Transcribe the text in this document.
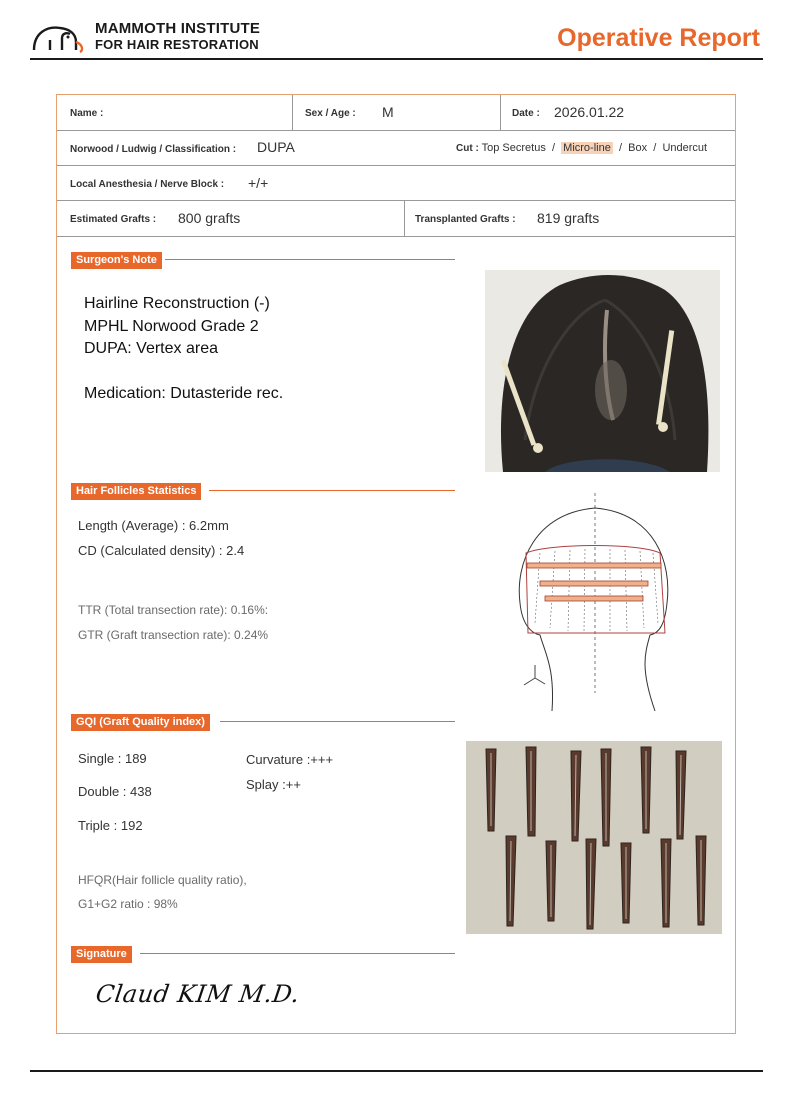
MAMMOTH INSTITUTE
FOR HAIR RESTORATION	Operative Report
Name :	Sex / Age : M	Date : 2026.01.22
Norwood / Ludwig / Classification : DUPA	Cut : Top Secretus / Micro-line / Box / Undercut
Local Anesthesia / Nerve Block : +/+
Estimated Grafts : 800 grafts	Transplanted Grafts : 819 grafts
Surgeon's Note
Hairline Reconstruction (-)
MPHL Norwood Grade 2
DUPA: Vertex area
Medication: Dutasteride rec.
Hair Follicles Statistics
Length (Average) : 6.2mm
CD (Calculated density) : 2.4
TTR (Total transection rate): 0.16%:
GTR (Graft transection rate): 0.24%
GQI (Graft Quality index)
Single : 189
Double : 438
Triple : 192
Curvature :+++
Splay :++
HFQR(Hair follicle quality ratio),
G1+G2 ratio : 98%
Signature
Claud KIM M.D.
